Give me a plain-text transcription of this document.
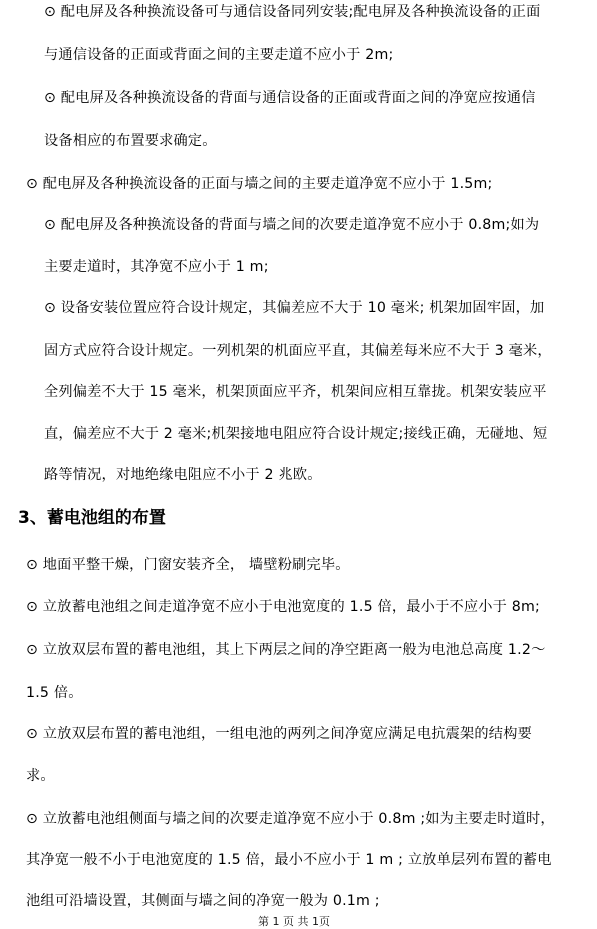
⊙ 配电屏及各种换流设备可与通信设备同列安装;配电屏及各种换流设备的正面
与通信设备的正面或背面之间的主要走道不应小于 2m;
⊙ 配电屏及各种换流设备的背面与通信设备的正面或背面之间的净宽应按通信
设备相应的布置要求确定。
⊙ 配电屏及各种换流设备的正面与墙之间的主要走道净宽不应小于 1.5m;
⊙ 配电屏及各种换流设备的背面与墙之间的次要走道净宽不应小于 0.8m;如为
主要走道时，其净宽不应小于 1 m;
⊙ 设备安装位置应符合设计规定，其偏差应不大于 10 毫米; 机架加固牢固，加
固方式应符合设计规定。一列机架的机面应平直，其偏差每米应不大于 3 毫米，
全列偏差不大于 15 毫米，机架顶面应平齐，机架间应相互靠拢。机架安装应平
直，偏差应不大于 2 毫米;机架接地电阻应符合设计规定;接线正确，无碰地、短
路等情况，对地绝缘电阻应不小于 2 兆欧。
3、蓄电池组的布置
⊙ 地面平整干燥，门窗安装齐全， 墙壁粉刷完毕。
⊙ 立放蓄电池组之间走道净宽不应小于电池宽度的 1.5 倍，最小于不应小于 8m;
⊙ 立放双层布置的蓄电池组，其上下两层之间的净空距离一般为电池总高度 1.2～
1.5 倍。
⊙ 立放双层布置的蓄电池组，一组电池的两列之间净宽应满足电抗震架的结构要
求。
⊙ 立放蓄电池组侧面与墙之间的次要走道净宽不应小于 0.8m ;如为主要走时道时，
其净宽一般不小于电池宽度的 1.5 倍，最小不应小于 1 m ; 立放单层列布置的蓄电
池组可沿墙设置，其侧面与墙之间的净宽一般为 0.1m ;
第 1 页 共 1页
